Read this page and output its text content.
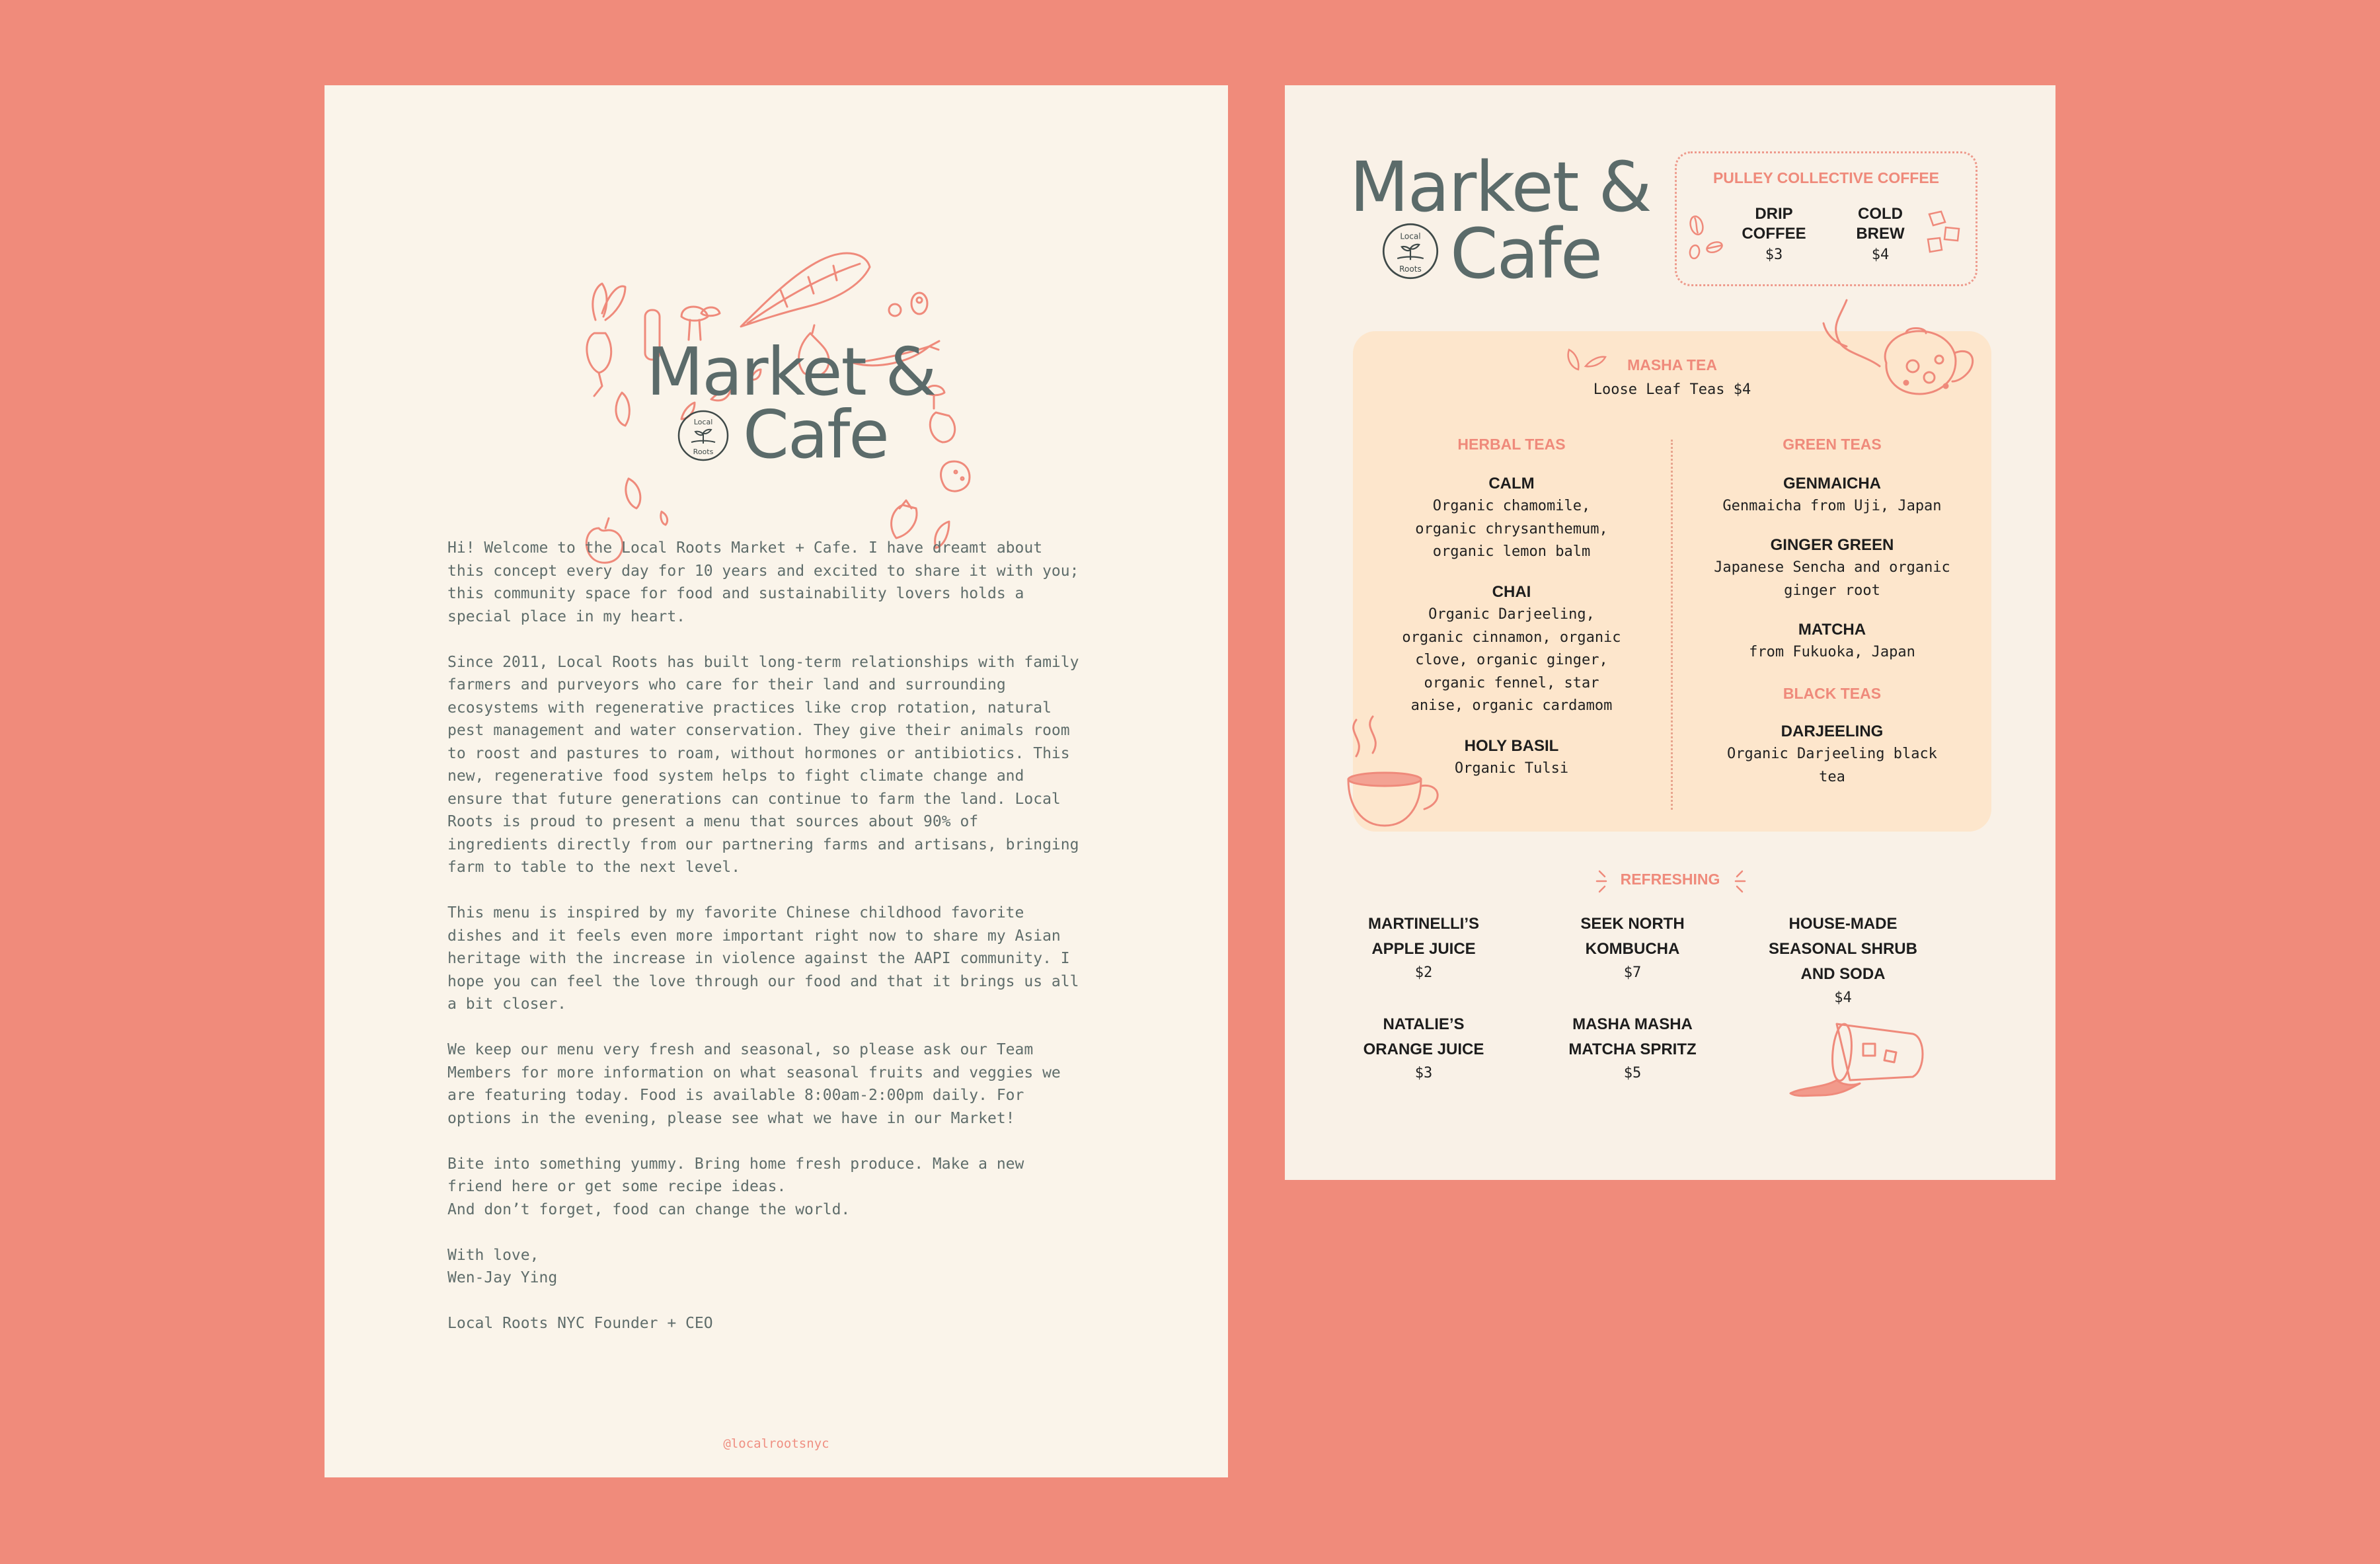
Market &
Cafe
Local
Roots

Hi! Welcome to the Local Roots Market + Cafe. I have dreamt about
this concept every day for 10 years and excited to share it with you;
this community space for food and sustainability lovers holds a
special place in my heart.

Since 2011, Local Roots has built long-term relationships with family
farmers and purveyors who care for their land and surrounding
ecosystems with regenerative practices like crop rotation, natural
pest management and water conservation. They give their animals room
to roost and pastures to roam, without hormones or antibiotics. This
new, regenerative food system helps to fight climate change and
ensure that future generations can continue to farm the land. Local
Roots is proud to present a menu that sources about 90% of
ingredients directly from our partnering farms and artisans, bringing
farm to table to the next level.

This menu is inspired by my favorite Chinese childhood favorite
dishes and it feels even more important right now to share my Asian
heritage with the increase in violence against the AAPI community. I
hope you can feel the love through our food and that it brings us all
a bit closer.

We keep our menu very fresh and seasonal, so please ask our Team
Members for more information on what seasonal fruits and veggies we
are featuring today. Food is available 8:00am-2:00pm daily. For
options in the evening, please see what we have in our Market!

Bite into something yummy. Bring home fresh produce. Make a new
friend here or get some recipe ideas.
And don’t forget, food can change the world.

With love,
Wen-Jay Ying

Local Roots NYC Founder + CEO

@localrootsnyc
Market &
Cafe
Local
Roots
PULLEY COLLECTIVE COFFEE
DRIP
COFFEE
$3
COLD
BREW
$4
MASHA TEA
Loose Leaf Teas $4
HERBAL TEAS
CALM
Organic chamomile,
organic chrysanthemum,
organic lemon balm
CHAI
Organic Darjeeling,
organic cinnamon, organic
clove, organic ginger,
organic fennel, star
anise, organic cardamom
HOLY BASIL
Organic Tulsi
GREEN TEAS
GENMAICHA
Genmaicha from Uji, Japan
GINGER GREEN
Japanese Sencha and organic
ginger root
MATCHA
from Fukuoka, Japan
BLACK TEAS
DARJEELING
Organic Darjeeling black
tea
REFRESHING
MARTINELLI’S
APPLE JUICE
$2
SEEK NORTH
KOMBUCHA
$7
HOUSE-MADE
SEASONAL SHRUB
AND SODA
$4
NATALIE’S
ORANGE JUICE
$3
MASHA MASHA
MATCHA SPRITZ
$5
